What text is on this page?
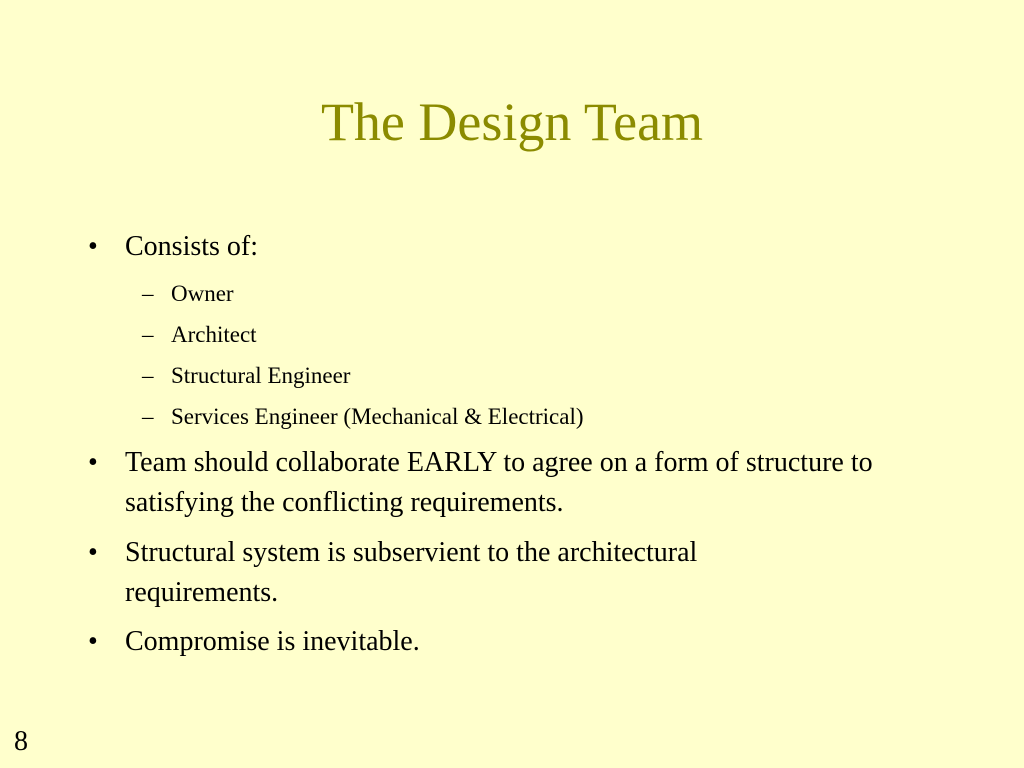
The Design Team
• Consists of:
– Owner
– Architect
– Structural Engineer
– Services Engineer (Mechanical & Electrical)
• Team should collaborate EARLY to agree on a form of structure to satisfying the conflicting requirements.
• Structural system is subservient to the architectural requirements.
• Compromise is inevitable.
8
